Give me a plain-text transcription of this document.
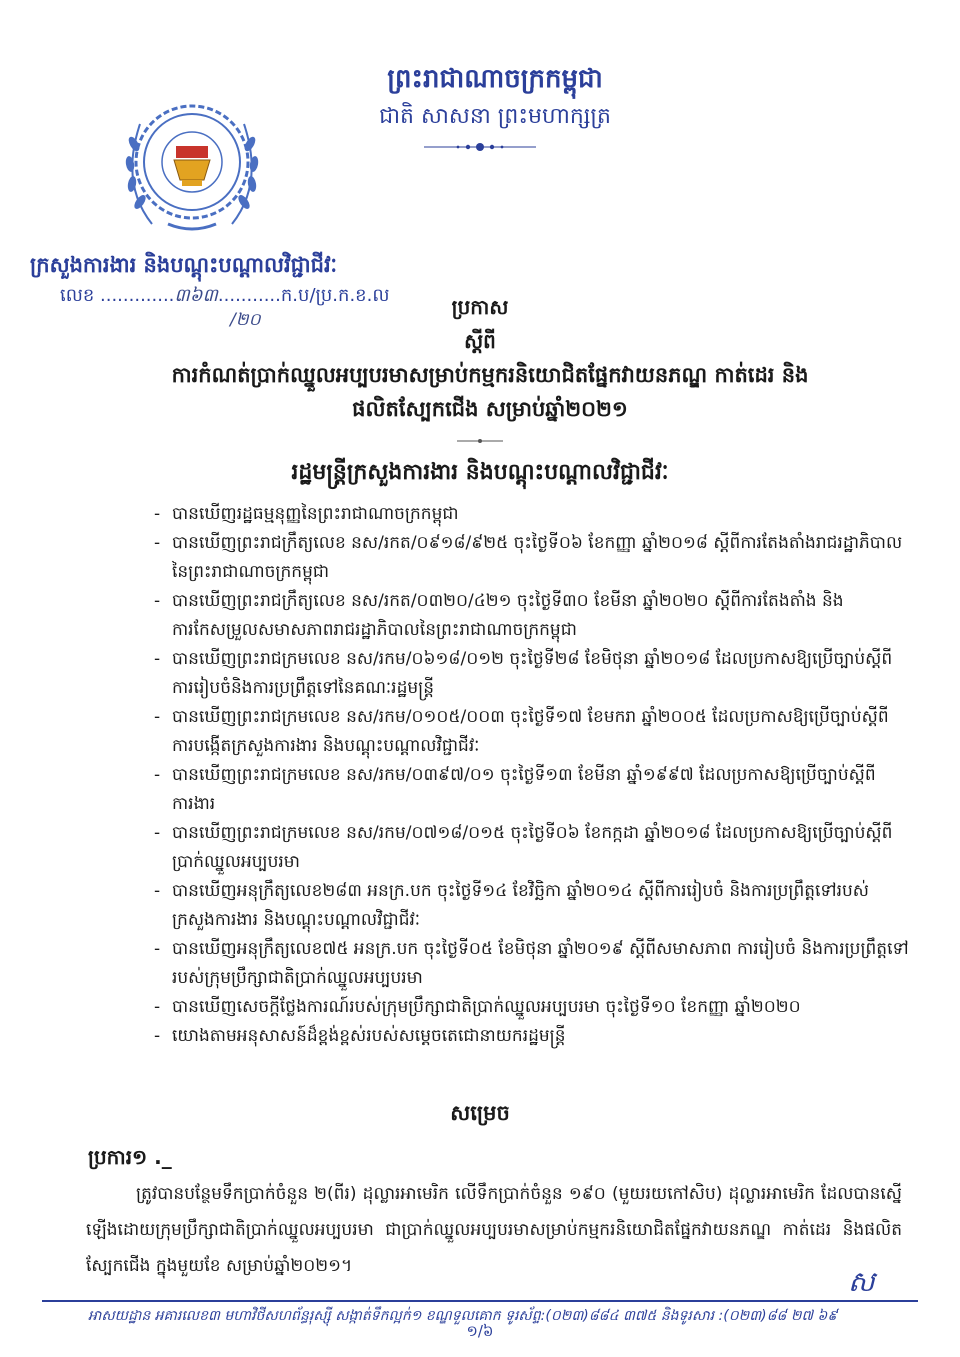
ព្រះរាជាណាចក្រកម្ពុជា
ជាតិ សាសនា ព្រះមហាក្សត្រ
ក្រសួងការងារ និងបណ្តុះបណ្តាលវិជ្ជាជីវៈ
លេខ .............៣៦៣...........ក.ប/ប្រ.ក.ខ.ល
/២០
ប្រកាស
ស្តីពី
ការកំណត់ប្រាក់ឈ្នួលអប្បបរមាសម្រាប់កម្មករនិយោជិតផ្នែកវាយនភណ្ឌ កាត់ដេរ និង
ផលិតស្បែកជើង សម្រាប់ឆ្នាំ២០២១
រដ្ឋមន្ត្រីក្រសួងការងារ និងបណ្តុះបណ្តាលវិជ្ជាជីវៈ
- បានឃើញរដ្ឋធម្មនុញ្ញនៃព្រះរាជាណាចក្រកម្ពុជា
- បានឃើញព្រះរាជក្រឹត្យលេខ នស/រកត/០៩១៨/៩២៥ ចុះថ្ងៃទី០៦ ខែកញ្ញា ឆ្នាំ២០១៨ ស្តីពីការតែងតាំងរាជរដ្ឋាភិបាលនៃព្រះរាជាណាចក្រកម្ពុជា
- បានឃើញព្រះរាជក្រឹត្យលេខ នស/រកត/០៣២០/៤២១ ចុះថ្ងៃទី៣០ ខែមីនា ឆ្នាំ២០២០ ស្តីពីការតែងតាំង និងការកែសម្រួលសមាសភាពរាជរដ្ឋាភិបាលនៃព្រះរាជាណាចក្រកម្ពុជា
- បានឃើញព្រះរាជក្រមលេខ នស/រកម/០៦១៨/០១២ ចុះថ្ងៃទី២៨ ខែមិថុនា ឆ្នាំ២០១៨ ដែលប្រកាសឱ្យប្រើច្បាប់ស្តីពីការរៀបចំនិងការប្រព្រឹត្តទៅនៃគណៈរដ្ឋមន្ត្រី
- បានឃើញព្រះរាជក្រមលេខ នស/រកម/០១០៥/០០៣ ចុះថ្ងៃទី១៧ ខែមករា ឆ្នាំ២០០៥ ដែលប្រកាសឱ្យប្រើច្បាប់ស្តីពីការបង្កើតក្រសួងការងារ និងបណ្តុះបណ្តាលវិជ្ជាជីវៈ
- បានឃើញព្រះរាជក្រមលេខ នស/រកម/០៣៩៧/០១ ចុះថ្ងៃទី១៣ ខែមីនា ឆ្នាំ១៩៩៧ ដែលប្រកាសឱ្យប្រើច្បាប់ស្តីពីការងារ
- បានឃើញព្រះរាជក្រមលេខ នស/រកម/០៧១៨/០១៥ ចុះថ្ងៃទី០៦ ខែកក្កដា ឆ្នាំ២០១៨ ដែលប្រកាសឱ្យប្រើច្បាប់ស្តីពីប្រាក់ឈ្នួលអប្បបរមា
- បានឃើញអនុក្រឹត្យលេខ២៨៣ អនក្រ.បក ចុះថ្ងៃទី១៤ ខែវិច្ឆិកា ឆ្នាំ២០១៤ ស្តីពីការរៀបចំ និងការប្រព្រឹត្តទៅរបស់ក្រសួងការងារ និងបណ្តុះបណ្តាលវិជ្ជាជីវៈ
- បានឃើញអនុក្រឹត្យលេខ៧៥ អនក្រ.បក ចុះថ្ងៃទី០៥ ខែមិថុនា ឆ្នាំ២០១៩ ស្តីពីសមាសភាព ការរៀបចំ និងការប្រព្រឹត្តទៅរបស់ក្រុមប្រឹក្សាជាតិប្រាក់ឈ្នួលអប្បបរមា
- បានឃើញសេចក្តីថ្លែងការណ៍របស់ក្រុមប្រឹក្សាជាតិប្រាក់ឈ្នួលអប្បបរមា ចុះថ្ងៃទី១០ ខែកញ្ញា ឆ្នាំ២០២០
- យោងតាមអនុសាសន៍ដ៏ខ្ពង់ខ្ពស់របស់សម្តេចតេជោនាយករដ្ឋមន្ត្រី
សម្រេច
ប្រការ១ ._
ត្រូវបានបន្ថែមទឹកប្រាក់ចំនួន ២(ពីរ) ដុល្លារអាមេរិក លើទឹកប្រាក់ចំនួន ១៩០ (មួយរយកៅសិប) ដុល្លារអាមេរិក ដែលបានស្នើឡើងដោយក្រុមប្រឹក្សាជាតិប្រាក់ឈ្នួលអប្បបរមា ជាប្រាក់ឈ្នួលអប្បបរមាសម្រាប់កម្មករនិយោជិតផ្នែកវាយនភណ្ឌ កាត់ដេរ និងផលិតស្បែកជើង ក្នុងមួយខែ សម្រាប់ឆ្នាំ២០២១។	ស
អាសយដ្ឋាន អគារលេខ៣ មហាវិថីសហព័ន្ធរុស្ស៊ី សង្កាត់ទឹកល្អក់១ ខណ្ឌទួលគោក ទូរស័ព្ទ:(០២៣)៨៨៤ ៣៧៥ និងទូរសារ :(០២៣)៨៨ ២៧ ៦៩
១/៦
